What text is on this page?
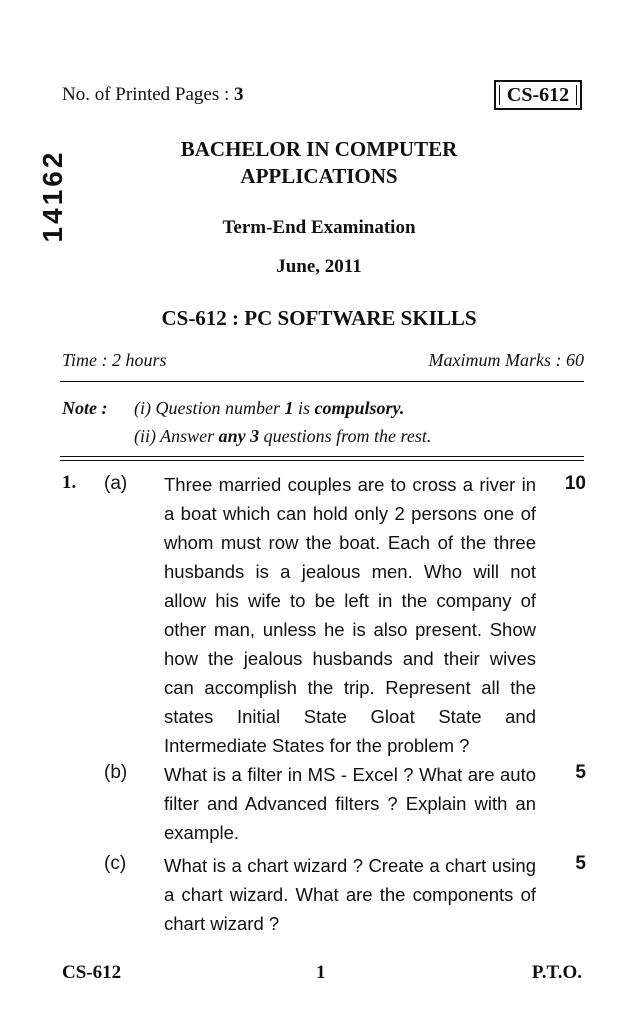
No. of Printed Pages : 3	CS-612
14162
BACHELOR IN COMPUTER
APPLICATIONS
Term-End Examination
June, 2011
CS-612 : PC SOFTWARE SKILLS
Time : 2 hours	Maximum Marks : 60
Note : (i) Question number 1 is compulsory.
(ii) Answer any 3 questions from the rest.
1. (a) Three married couples are to cross a river in a boat which can hold only 2 persons one of whom must row the boat. Each of the three husbands is a jealous men. Who will not allow his wife to be left in the company of other man, unless he is also present. Show how the jealous husbands and their wives can accomplish the trip. Represent all the states Initial State Gloat State and Intermediate States for the problem ?
10
(b) What is a filter in MS - Excel ? What are auto filter and Advanced filters ? Explain with an example.
5
(c) What is a chart wizard ? Create a chart using a chart wizard. What are the components of chart wizard ?
5
CS-612	1	P.T.O.
